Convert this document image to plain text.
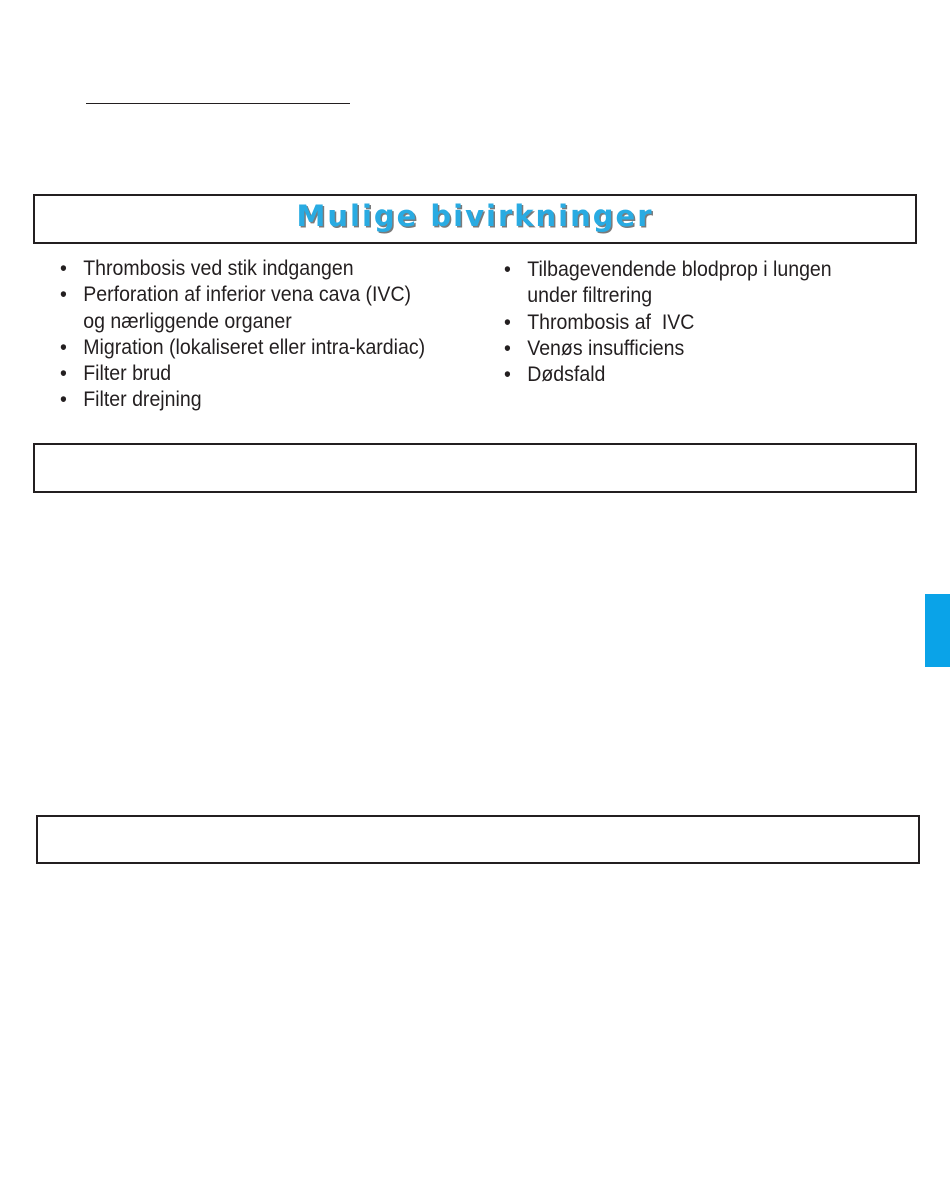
Mulige bivirkninger
• Thrombosis ved stik indgangen
• Perforation af inferior vena cava (IVC)
og nærliggende organer
• Migration (lokaliseret eller intra-kardiac)
• Filter brud
• Filter drejning
• Tilbagevendende blodprop i lungen
under filtrering
• Thrombosis af  IVC
• Venøs insufficiens
• Dødsfald
